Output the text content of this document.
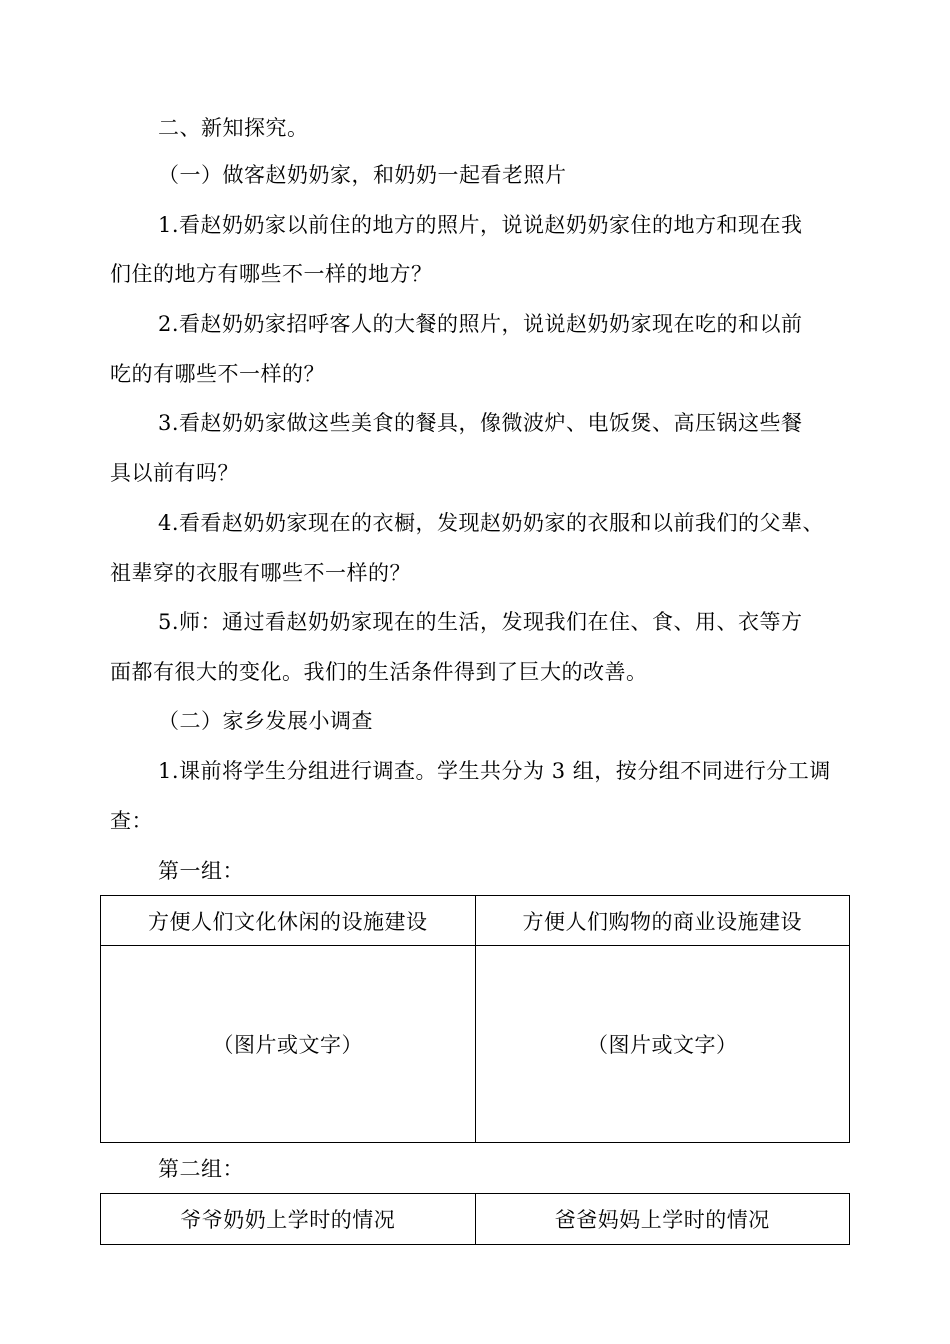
二、新知探究。
（一）做客赵奶奶家，和奶奶一起看老照片
1.看赵奶奶家以前住的地方的照片，说说赵奶奶家住的地方和现在我
们住的地方有哪些不一样的地方？
2.看赵奶奶家招呼客人的大餐的照片，说说赵奶奶家现在吃的和以前
吃的有哪些不一样的？
3.看赵奶奶家做这些美食的餐具，像微波炉、电饭煲、高压锅这些餐
具以前有吗？
4.看看赵奶奶家现在的衣橱，发现赵奶奶家的衣服和以前我们的父辈、
祖辈穿的衣服有哪些不一样的？
5.师：通过看赵奶奶家现在的生活，发现我们在住、食、用、衣等方
面都有很大的变化。我们的生活条件得到了巨大的改善。
（二）家乡发展小调查
1.课前将学生分组进行调查。学生共分为 3 组，按分组不同进行分工调
查：
第一组：
方便人们文化休闲的设施建设	方便人们购物的商业设施建设
（图片或文字）	（图片或文字）
第二组：
爷爷奶奶上学时的情况	爸爸妈妈上学时的情况
